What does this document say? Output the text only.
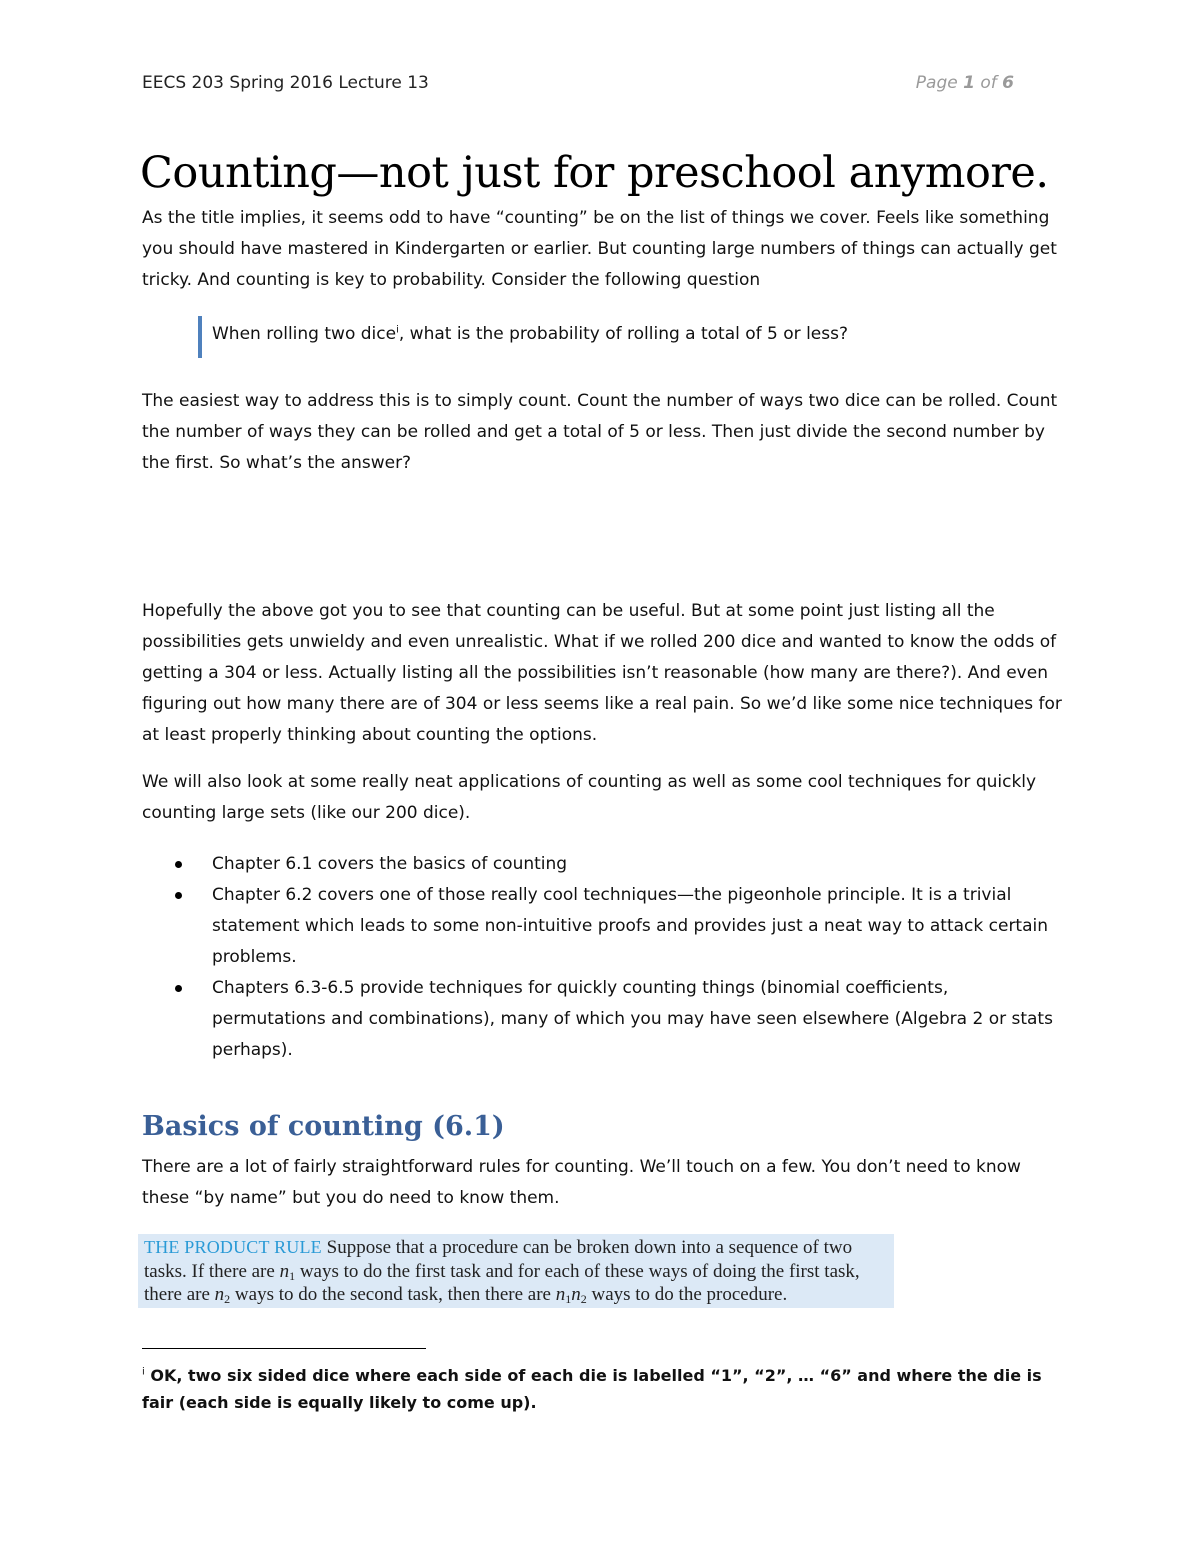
EECS 203 Spring 2016 Lecture 13	Page 1 of 6
Counting—not just for preschool anymore.

As the title implies, it seems odd to have “counting” be on the list of things we cover. Feels like something you should have mastered in Kindergarten or earlier. But counting large numbers of things can actually get tricky. And counting is key to probability. Consider the following question

When rolling two dice$^i$, what is the probability of rolling a total of 5 or less?

The easiest way to address this is to simply count. Count the number of ways two dice can be rolled. Count the number of ways they can be rolled and get a total of 5 or less. Then just divide the second number by the first. So what’s the answer?

Hopefully the above got you to see that counting can be useful. But at some point just listing all the possibilities gets unwieldy and even unrealistic. What if we rolled 200 dice and wanted to know the odds of getting a 304 or less. Actually listing all the possibilities isn’t reasonable (how many are there?). And even figuring out how many there are of 304 or less seems like a real pain. So we’d like some nice techniques for at least properly thinking about counting the options.

We will also look at some really neat applications of counting as well as some cool techniques for quickly counting large sets (like our 200 dice).

Chapter 6.1 covers the basics of counting
Chapter 6.2 covers one of those really cool techniques—the pigeonhole principle. It is a trivial statement which leads to some non-intuitive proofs and provides just a neat way to attack certain problems.
Chapters 6.3-6.5 provide techniques for quickly counting things (binomial coefficients, permutations and combinations), many of which you may have seen elsewhere (Algebra 2 or stats perhaps).
Basics of counting (6.1)

There are a lot of fairly straightforward rules for counting. We’ll touch on a few. You don’t need to know these “by name” but you do need to know them.

THE PRODUCT RULE Suppose that a procedure can be broken down into a sequence of two tasks. If there are $n_1$ ways to do the first task and for each of these ways of doing the first task, there are $n_2$ ways to do the second task, then there are $n_1n_2$ ways to do the procedure.
$^i$ OK, two six sided dice where each side of each die is labelled “1”, “2”, … “6” and where the die is fair (each side is equally likely to come up).
